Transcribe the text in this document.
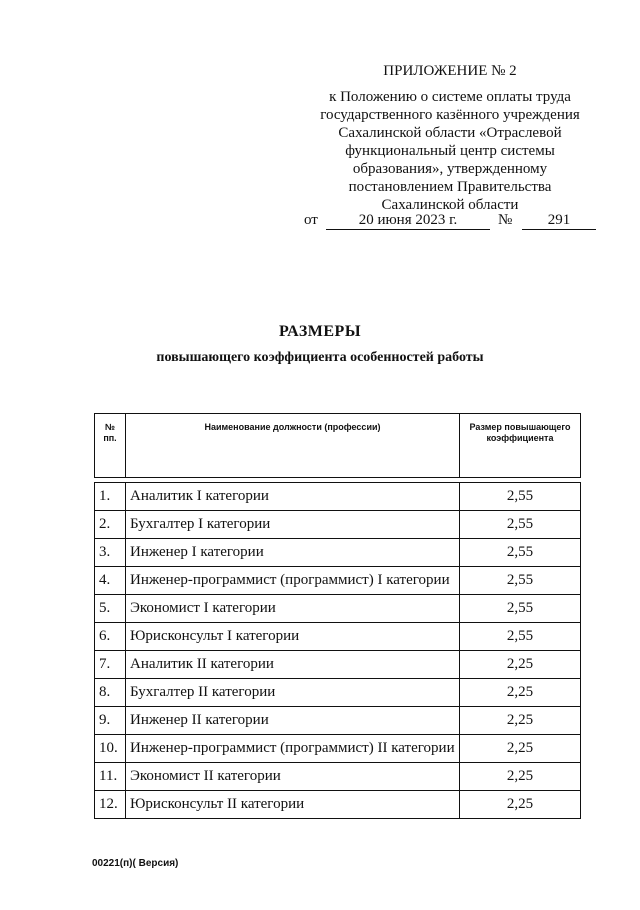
ПРИЛОЖЕНИЕ № 2
к Положению о системе оплаты труда
государственного казённого учреждения
Сахалинской области «Отраслевой
функциональный центр системы
образования», утвержденному
постановлением Правительства
Сахалинской области
от	20 июня 2023 г.	№	291
РАЗМЕРЫ
повышающего коэффициента особенностей работы
№ пп.	Наименование должности (профессии)	Размер повышающего коэффициента

1.	Аналитик I категории	2,55
2.	Бухгалтер I категории	2,55
3.	Инженер I категории	2,55
4.	Инженер-программист (программист) I категории	2,55
5.	Экономист I категории	2,55
6.	Юрисконсульт I категории	2,55
7.	Аналитик II категории	2,25
8.	Бухгалтер II категории	2,25
9.	Инженер II категории	2,25
10.	Инженер-программист (программист) II категории	2,25
11.	Экономист II категории	2,25
12.	Юрисконсульт II категории	2,25
00221(п)( Версия)
